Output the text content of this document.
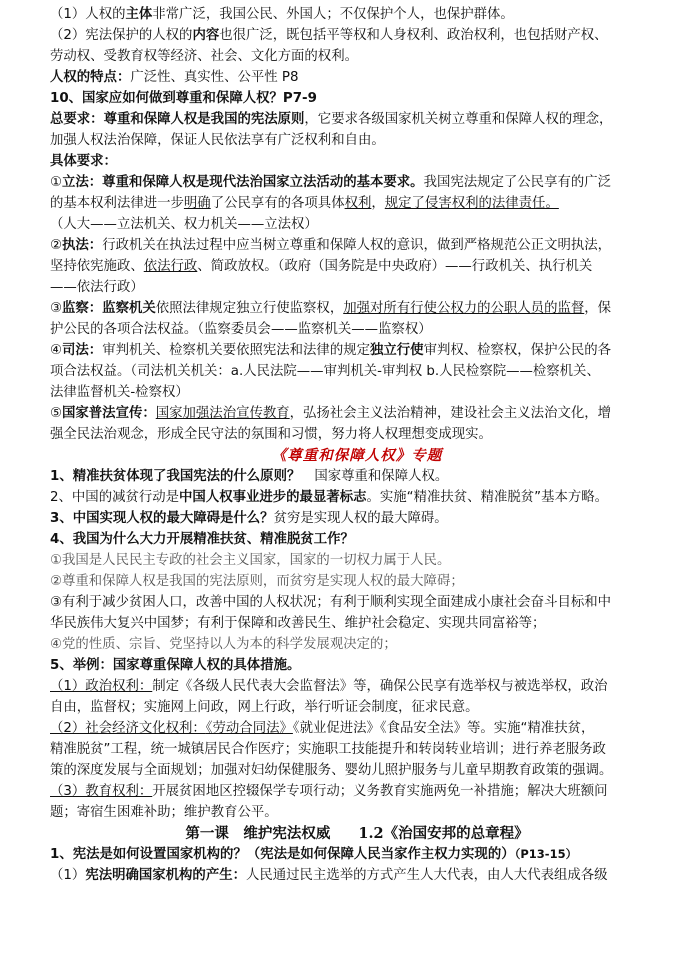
（1）人权的主体非常广泛，我国公民、外国人；不仅保护个人，也保护群体。
（2）宪法保护的人权的内容也很广泛，既包括平等权和人身权利、政治权利，也包括财产权、
劳动权、受教育权等经济、社会、文化方面的权利。
人权的特点：广泛性、真实性、公平性 P8
10、国家应如何做到尊重和保障人权？P7-9
总要求：尊重和保障人权是我国的宪法原则，它要求各级国家机关树立尊重和保障人权的理念，
加强人权法治保障，保证人民依法享有广泛权利和自由。
具体要求：
①立法：尊重和保障人权是现代法治国家立法活动的基本要求。我国宪法规定了公民享有的广泛
的基本权利法律进一步明确了公民享有的各项具体权利，规定了侵害权利的法律责任。
（人大——立法机关、权力机关——立法权）
②执法：行政机关在执法过程中应当树立尊重和保障人权的意识，做到严格规范公正文明执法，
坚持依宪施政、依法行政、简政放权。（政府（国务院是中央政府）——行政机关、执行机关
——依法行政）
③监察：监察机关依照法律规定独立行使监察权，加强对所有行使公权力的公职人员的监督，保
护公民的各项合法权益。（监察委员会——监察机关——监察权）
④司法：审判机关、检察机关要依照宪法和法律的规定独立行使审判权、检察权，保护公民的各
项合法权益。（司法机关机关：a.人民法院——审判机关-审判权 b.人民检察院——检察机关、
法律监督机关-检察权）
⑤国家普法宣传：国家加强法治宣传教育，弘扬社会主义法治精神，建设社会主义法治文化，增
强全民法治观念，形成全民守法的氛围和习惯，努力将人权理想变成现实。
《尊重和保障人权》专题
1、精准扶贫体现了我国宪法的什么原则？ 国家尊重和保障人权。
2、中国的减贫行动是中国人权事业进步的最显著标志。实施“精准扶贫、精准脱贫”基本方略。
3、中国实现人权的最大障碍是什么？贫穷是实现人权的最大障碍。
4、我国为什么大力开展精准扶贫、精准脱贫工作？
①我国是人民民主专政的社会主义国家，国家的一切权力属于人民。
②尊重和保障人权是我国的宪法原则，而贫穷是实现人权的最大障碍；
③有利于减少贫困人口，改善中国的人权状况；有利于顺利实现全面建成小康社会奋斗目标和中
华民族伟大复兴中国梦；有利于保障和改善民生、维护社会稳定、实现共同富裕等；
④党的性质、宗旨、党坚持以人为本的科学发展观决定的；
5、举例：国家尊重保障人权的具体措施。
（1）政治权利：制定《各级人民代表大会监督法》等，确保公民享有选举权与被选举权，政治
自由，监督权；实施网上问政，网上行政，举行听证会制度，征求民意。
（2）社会经济文化权利：《劳动合同法》《就业促进法》《食品安全法》等。实施“精准扶贫，
精准脱贫”工程，统一城镇居民合作医疗；实施职工技能提升和转岗转业培训；进行养老服务政
策的深度发展与全面规划；加强对妇幼保健服务、婴幼儿照护服务与儿童早期教育政策的强调。
（3）教育权利：开展贫困地区控辍保学专项行动；义务教育实施两免一补措施；解决大班额问
题；寄宿生困难补助；维护教育公平。
第一课　维护宪法权威 1.2《治国安邦的总章程》
1、宪法是如何设置国家机构的？（宪法是如何保障人民当家作主权力实现的）（P13-15）
（1）宪法明确国家机构的产生：人民通过民主选举的方式产生人大代表，由人大代表组成各级
